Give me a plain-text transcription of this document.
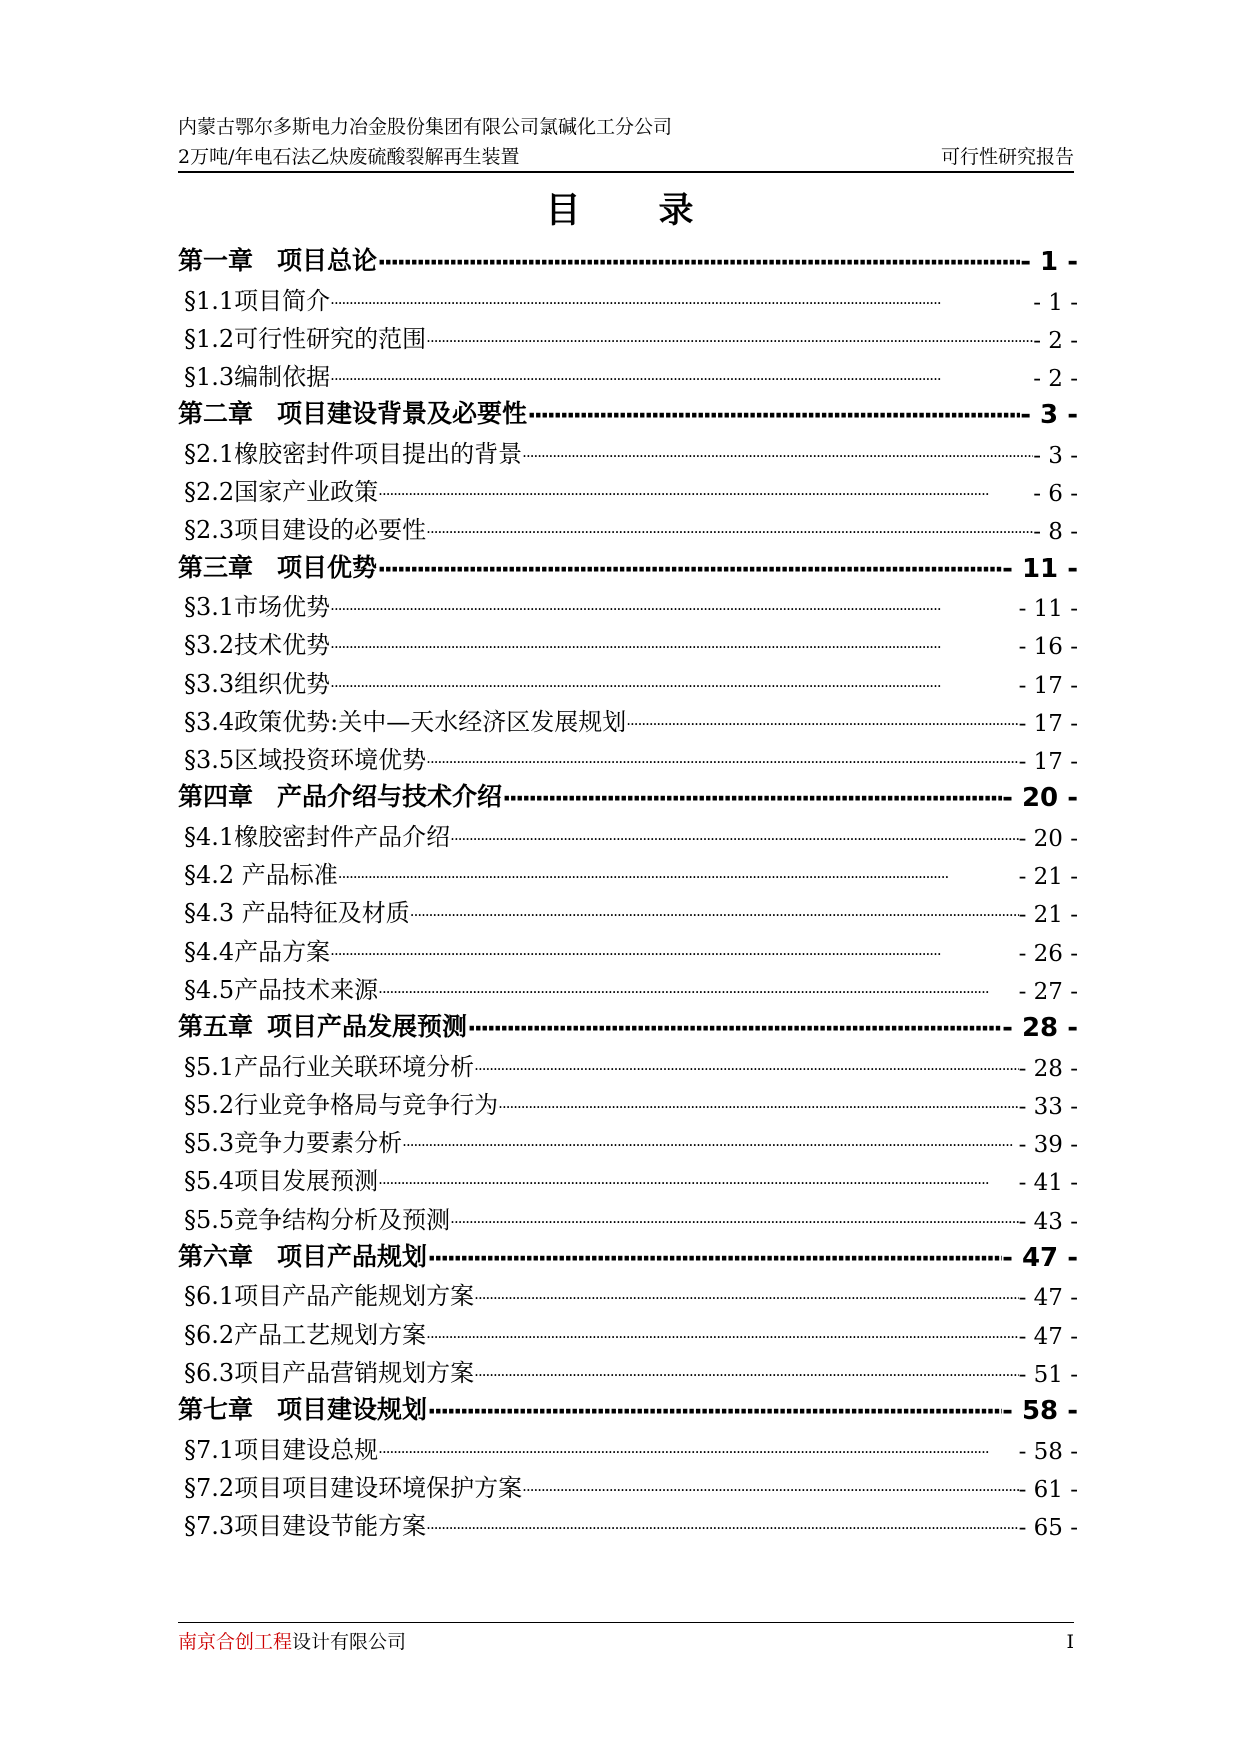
内蒙古鄂尔多斯电力冶金股份集团有限公司氯碱化工分公司
2万吨/年电石法乙炔废硫酸裂解再生装置	可行性研究报告
目 录
第一章 项目总论 ·····	- 1 -
§1.1项目简介 ·····	- 1 -
§1.2可行性研究的范围 ·····	- 2 -
§1.3编制依据 ·····	- 2 -
第二章 项目建设背景及必要性 ·····	- 3 -
§2.1橡胶密封件项目提出的背景 ·····	- 3 -
§2.2国家产业政策 ·····	- 6 -
§2.3项目建设的必要性 ·····	- 8 -
第三章 项目优势 ·····	- 11 -
§3.1市场优势 ·····	- 11 -
§3.2技术优势 ·····	- 16 -
§3.3组织优势 ·····	- 17 -
§3.4政策优势:关中—天水经济区发展规划 ·····	- 17 -
§3.5区域投资环境优势 ·····	- 17 -
第四章 产品介绍与技术介绍 ·····	- 20 -
§4.1橡胶密封件产品介绍 ·····	- 20 -
§4.2 产品标准 ·····	- 21 -
§4.3 产品特征及材质 ·····	- 21 -
§4.4产品方案 ·····	- 26 -
§4.5产品技术来源 ·····	- 27 -
第五章 项目产品发展预测 ·····	- 28 -
§5.1产品行业关联环境分析 ·····	- 28 -
§5.2行业竞争格局与竞争行为 ·····	- 33 -
§5.3竞争力要素分析 ·····	- 39 -
§5.4项目发展预测 ·····	- 41 -
§5.5竞争结构分析及预测 ·····	- 43 -
第六章 项目产品规划 ·····	- 47 -
§6.1项目产品产能规划方案 ·····	- 47 -
§6.2产品工艺规划方案 ·····	- 47 -
§6.3项目产品营销规划方案 ·····	- 51 -
第七章 项目建设规划 ·····	- 58 -
§7.1项目建设总规 ·····	- 58 -
§7.2项目项目建设环境保护方案 ·····	- 61 -
§7.3项目建设节能方案 ·····	- 65 -
南京合创工程设计有限公司	I
